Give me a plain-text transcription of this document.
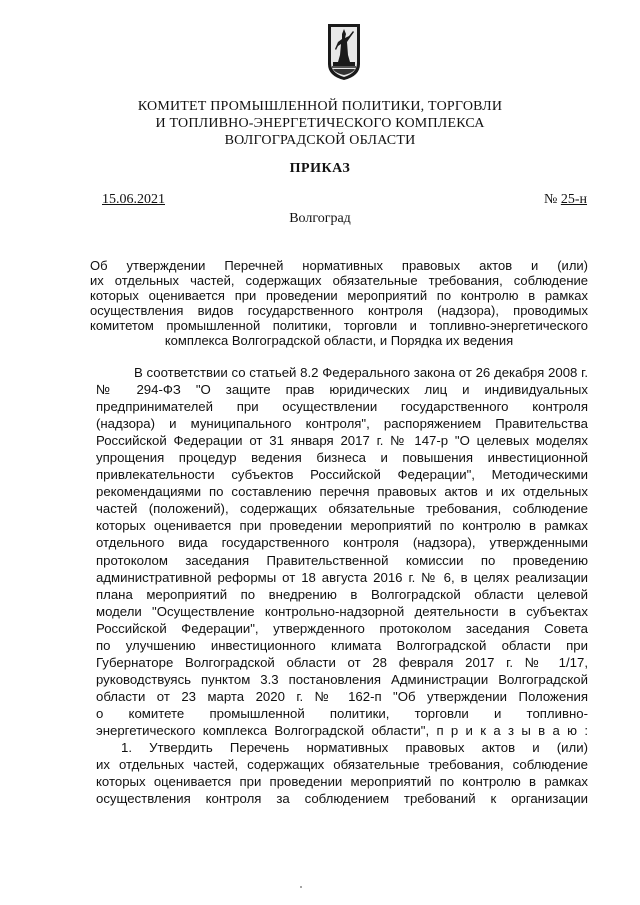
КОМИТЕТ ПРОМЫШЛЕННОЙ ПОЛИТИКИ, ТОРГОВЛИ
И ТОПЛИВНО-ЭНЕРГЕТИЧЕСКОГО КОМПЛЕКСА
ВОЛГОГРАДСКОЙ ОБЛАСТИ
ПРИКАЗ
15.06.2021	№ 25-н
Волгоград
Об утверждении Перечней нормативных правовых актов и (или)
их отдельных частей, содержащих обязательные требования, соблюдение
которых оценивается при проведении мероприятий по контролю в рамках
осуществления видов государственного контроля (надзора), проводимых
комитетом промышленной политики, торговли и топливно-энергетического
комплекса Волгоградской области, и Порядка их ведения
В соответствии со статьей 8.2 Федерального закона от 26 декабря 2008 г.
№ 294-ФЗ "О защите прав юридических лиц и индивидуальных
предпринимателей при осуществлении государственного контроля
(надзора) и муниципального контроля", распоряжением Правительства
Российской Федерации от 31 января 2017 г. № 147-р "О целевых моделях
упрощения процедур ведения бизнеса и повышения инвестиционной
привлекательности субъектов Российской Федерации", Методическими
рекомендациями по составлению перечня правовых актов и их отдельных
частей (положений), содержащих обязательные требования, соблюдение
которых оценивается при проведении мероприятий по контролю в рамках
отдельного вида государственного контроля (надзора), утвержденными
протоколом заседания Правительственной комиссии по проведению
административной реформы от 18 августа 2016 г. № 6, в целях реализации
плана мероприятий по внедрению в Волгоградской области целевой
модели "Осуществление контрольно-надзорной деятельности в субъектах
Российской Федерации", утвержденного протоколом заседания Совета
по улучшению инвестиционного климата Волгоградской области при
Губернаторе Волгоградской области от 28 февраля 2017 г. № 1/17,
руководствуясь пунктом 3.3 постановления Администрации Волгоградской
области от 23 марта 2020 г. № 162-п "Об утверждении Положения
о комитете промышленной политики, торговли и топливно-
энергетического комплекса Волгоградской области", п р и к а з ы в а ю :
1. Утвердить Перечень нормативных правовых актов и (или)
их отдельных частей, содержащих обязательные требования, соблюдение
которых оценивается при проведении мероприятий по контролю в рамках
осуществления контроля за соблюдением требований к организации
